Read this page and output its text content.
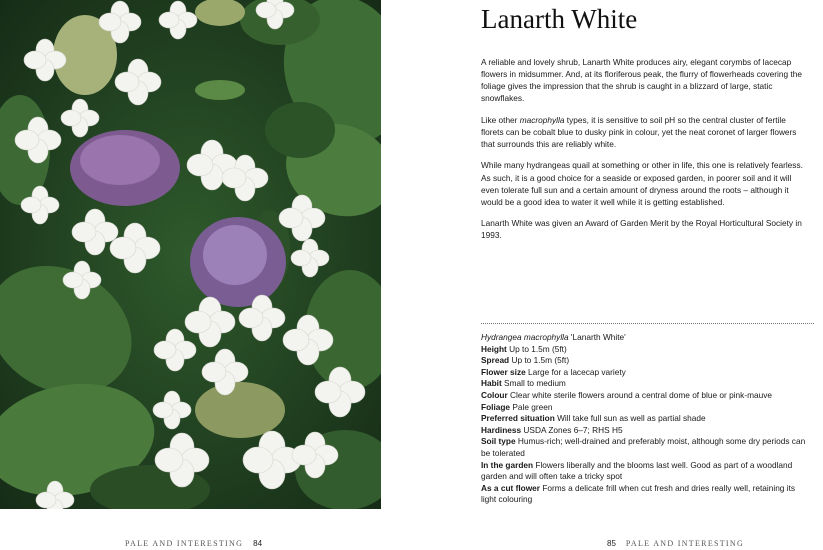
PALE AND INTERESTING 84
Lanarth White

A reliable and lovely shrub, Lanarth White produces airy, elegant corymbs of lacecap flowers in midsummer. And, at its floriferous peak, the flurry of flowerheads covering the foliage gives the impression that the shrub is caught in a blizzard of large, static snowflakes.

Like other macrophylla types, it is sensitive to soil pH so the central cluster of fertile florets can be cobalt blue to dusky pink in colour, yet the neat coronet of larger flowers that surrounds this are reliably white.

While many hydrangeas quail at something or other in life, this one is relatively fearless. As such, it is a good choice for a seaside or exposed garden, in poorer soil and it will even tolerate full sun and a certain amount of dryness around the roots – although it would be a good idea to water it well while it is getting established.

Lanarth White was given an Award of Garden Merit by the Royal Horticultural Society in 1993.

Hydrangea macrophylla 'Lanarth White'
Height Up to 1.5m (5ft)
Spread Up to 1.5m (5ft)
Flower size Large for a lacecap variety
Habit Small to medium
Colour Clear white sterile flowers around a central dome of blue or pink-mauve
Foliage Pale green
Preferred situation Will take full sun as well as partial shade
Hardiness USDA Zones 6–7; RHS H5
Soil type Humus-rich; well-drained and preferably moist, although some dry periods can be tolerated
In the garden Flowers liberally and the blooms last well. Good as part of a woodland garden and will often take a tricky spot
As a cut flower Forms a delicate frill when cut fresh and dries really well, retaining its light colouring
85 PALE AND INTERESTING
